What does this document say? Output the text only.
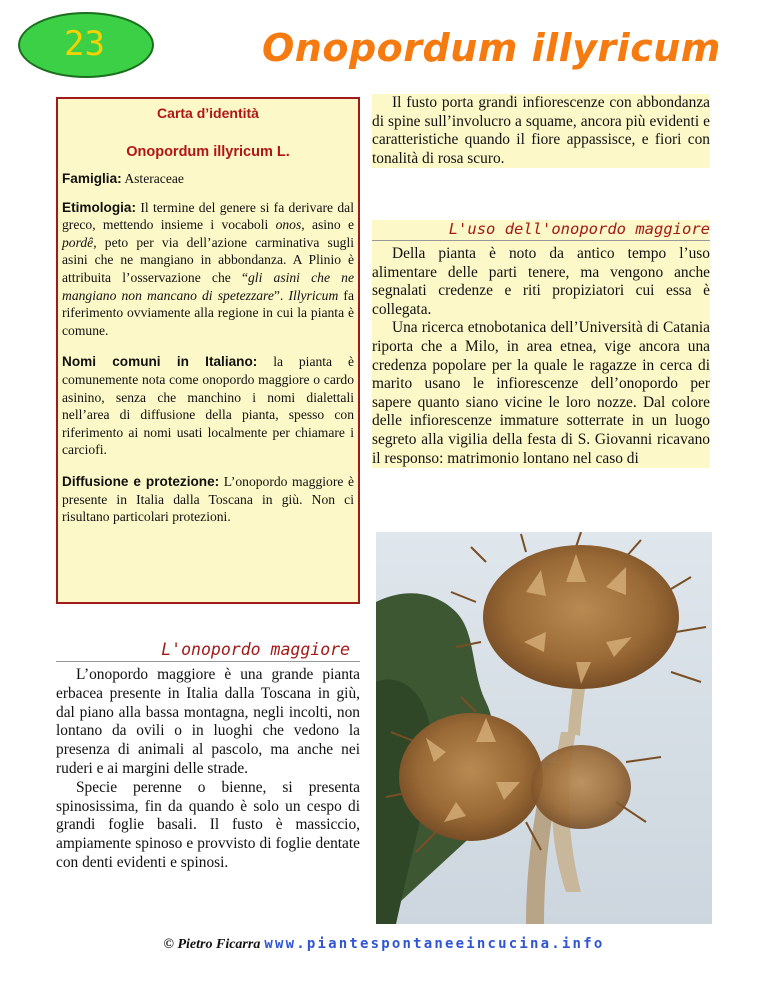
23	Onopordum illyricum
Carta d’identità
Onopordum illyricum L.

Famiglia: Asteraceae

Etimologia: Il termine del genere si fa derivare dal greco, mettendo insieme i vocaboli onos, asino e pordê, peto per via dell’azione carminativa sugli asini che ne mangiano in abbondanza. A Plinio è attribuita l’osservazione che “gli asini che ne mangiano non mancano di spetezzare”. Illyricum fa riferimento ovviamente alla regione in cui la pianta è comune.

Nomi comuni in Italiano: la pianta è comunemente nota come onopordo maggiore o cardo asinino, senza che manchino i nomi dialettali nell’area di diffusione della pianta, spesso con riferimento ai nomi usati localmente per chiamare i carciofi.

Diffusione e protezione: L’onopordo maggiore è presente in Italia dalla Toscana in giù. Non ci risultano particolari protezioni.

Il fusto porta grandi infiorescenze con abbondanza di spine sull’involucro a squame, ancora più evidenti e caratteristiche quando il fiore appassisce, e fiori con tonalità di rosa scuro.

L'uso dell'onopordo maggiore

Della pianta è noto da antico tempo l’uso alimentare delle parti tenere, ma vengono anche segnalati credenze e riti propiziatori cui essa è collegata.

Una ricerca etnobotanica dell’Università di Catania riporta che a Milo, in area etnea, vige ancora una credenza popolare per la quale le ragazze in cerca di marito usano le infiorescenze dell’onopordo per sapere quanto siano vicine le loro nozze. Dal colore delle infiorescenze immature sotterrate in un luogo segreto alla vigilia della festa di S. Giovanni ricavano il responso: matrimonio lontano nel caso di

L'onopordo maggiore

L’onopordo maggiore è una grande pianta erbacea presente in Italia dalla Toscana in giù, dal piano alla bassa montagna, negli incolti, non lontano da ovili o in luoghi che vedono la presenza di animali al pascolo, ma anche nei ruderi e ai margini delle strade.

Specie perenne o bienne, si presenta spinosissima, fin da quando è solo un cespo di grandi foglie basali. Il fusto è massiccio, ampiamente spinoso e provvisto di foglie dentate con denti evidenti e spinosi.

© Pietro Ficarra www.piantespontaneeincucina.info
